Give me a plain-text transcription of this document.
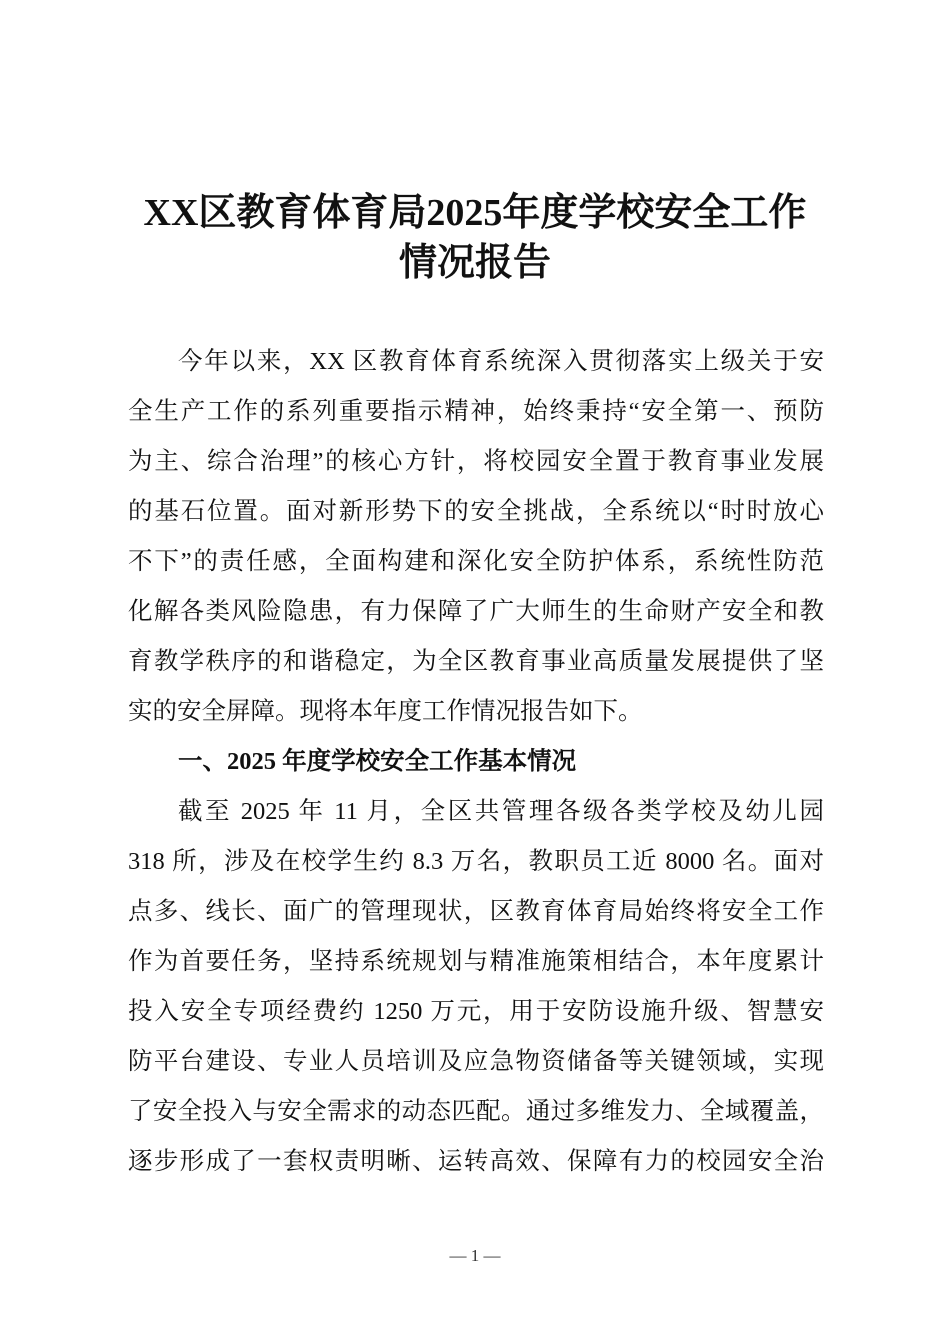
XX区教育体育局2025年度学校安全工作
情况报告
今年以来，XX 区教育体育系统深入贯彻落实上级关于安
全生产工作的系列重要指示精神，始终秉持“安全第一、预防
为主、综合治理”的核心方针，将校园安全置于教育事业发展
的基石位置。面对新形势下的安全挑战，全系统以“时时放心
不下”的责任感，全面构建和深化安全防护体系，系统性防范
化解各类风险隐患，有力保障了广大师生的生命财产安全和教
育教学秩序的和谐稳定，为全区教育事业高质量发展提供了坚
实的安全屏障。现将本年度工作情况报告如下。
一、2025 年度学校安全工作基本情况
截至 2025 年 11 月，全区共管理各级各类学校及幼儿园
318 所，涉及在校学生约 8.3 万名，教职员工近 8000 名。面对
点多、线长、面广的管理现状，区教育体育局始终将安全工作
作为首要任务，坚持系统规划与精准施策相结合，本年度累计
投入安全专项经费约 1250 万元，用于安防设施升级、智慧安
防平台建设、专业人员培训及应急物资储备等关键领域，实现
了安全投入与安全需求的动态匹配。通过多维发力、全域覆盖，
逐步形成了一套权责明晰、运转高效、保障有力的校园安全治
— 1 —
